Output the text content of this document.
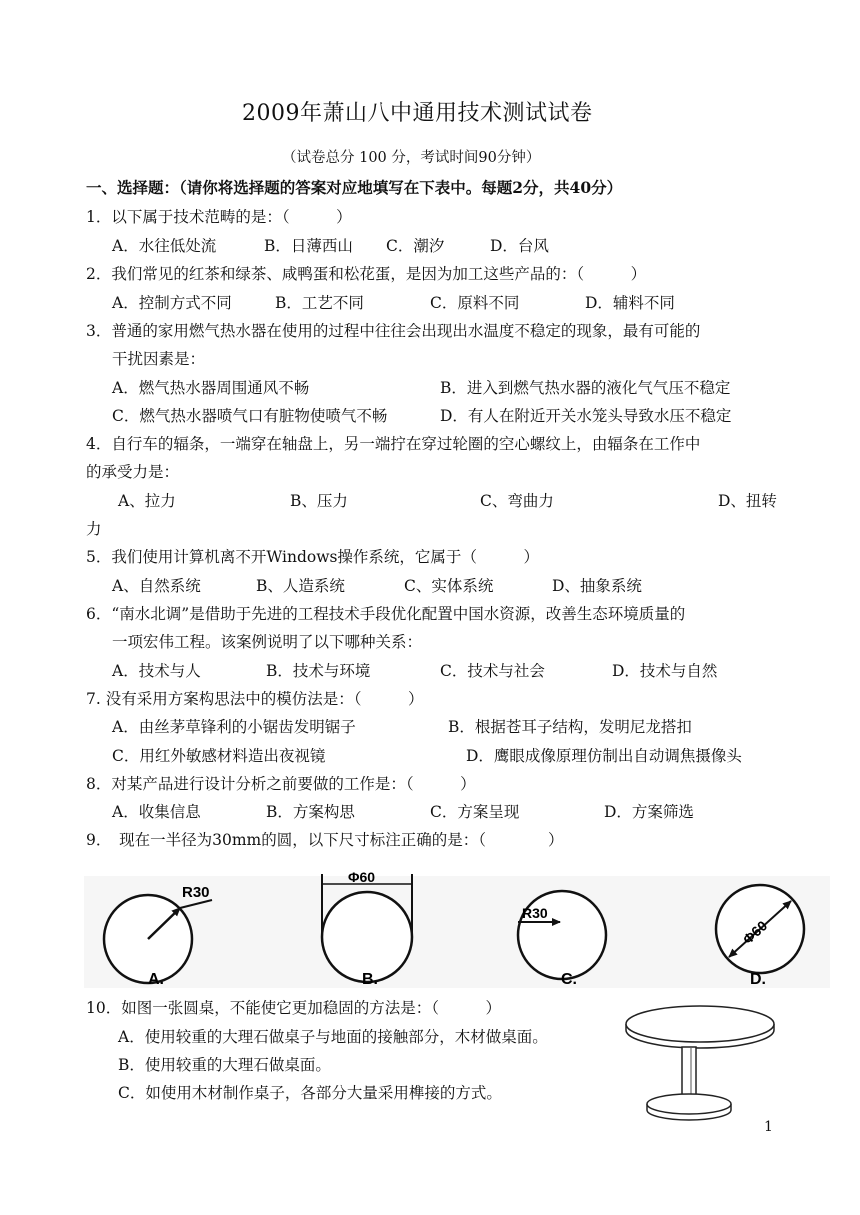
2009年萧山八中通用技术测试试卷
（试卷总分 100 分，考试时间90分钟）
一、选择题：（请你将选择题的答案对应地填写在下表中。每题2分，共40分）
1．以下属于技术范畴的是：（　　　）
A．水往低处流	B．日薄西山 C．潮汐	D．台风
2．我们常见的红茶和绿茶、咸鸭蛋和松花蛋，是因为加工这些产品的：（　　　）
A．控制方式不同	B．工艺不同	C．原料不同	D．辅料不同
3．普通的家用燃气热水器在使用的过程中往往会出现出水温度不稳定的现象，最有可能的
干扰因素是：
A．燃气热水器周围通风不畅	B．进入到燃气热水器的液化气气压不稳定
C．燃气热水器喷气口有脏物使喷气不畅	D．有人在附近开关水笼头导致水压不稳定
4．自行车的辐条，一端穿在轴盘上，另一端拧在穿过轮圈的空心螺纹上，由辐条在工作中
的承受力是：
A、拉力	B、压力	C、弯曲力	D、扭转
力
5．我们使用计算机离不开Windows操作系统，它属于（　　　）
A、自然系统	B、人造系统	C、实体系统	D、抽象系统
6．“南水北调”是借助于先进的工程技术手段优化配置中国水资源，改善生态环境质量的
一项宏伟工程。该案例说明了以下哪种关系：
A．技术与人	B．技术与环境	C．技术与社会	D．技术与自然
7. 没有采用方案构思法中的模仿法是：（　　　）
A．由丝茅草锋利的小锯齿发明锯子	B．根据苍耳子结构，发明尼龙搭扣
C．用红外敏感材料造出夜视镜	D．鹰眼成像原理仿制出自动调焦摄像头
8．对某产品进行设计分析之前要做的工作是：（　　　）
A．收集信息	B．方案构思	C．方案呈现	D．方案筛选
9．　现在一半径为30mm的圆，以下尺寸标注正确的是：（　　　　）
R30
A.
Φ60
B.
R30
C.
Φ60
D.
10．如图一张圆桌，不能使它更加稳固的方法是：（　　　）
A．使用较重的大理石做桌子与地面的接触部分，木材做桌面。
B．使用较重的大理石做桌面。
C．如使用木材制作桌子，各部分大量采用榫接的方式。
1
